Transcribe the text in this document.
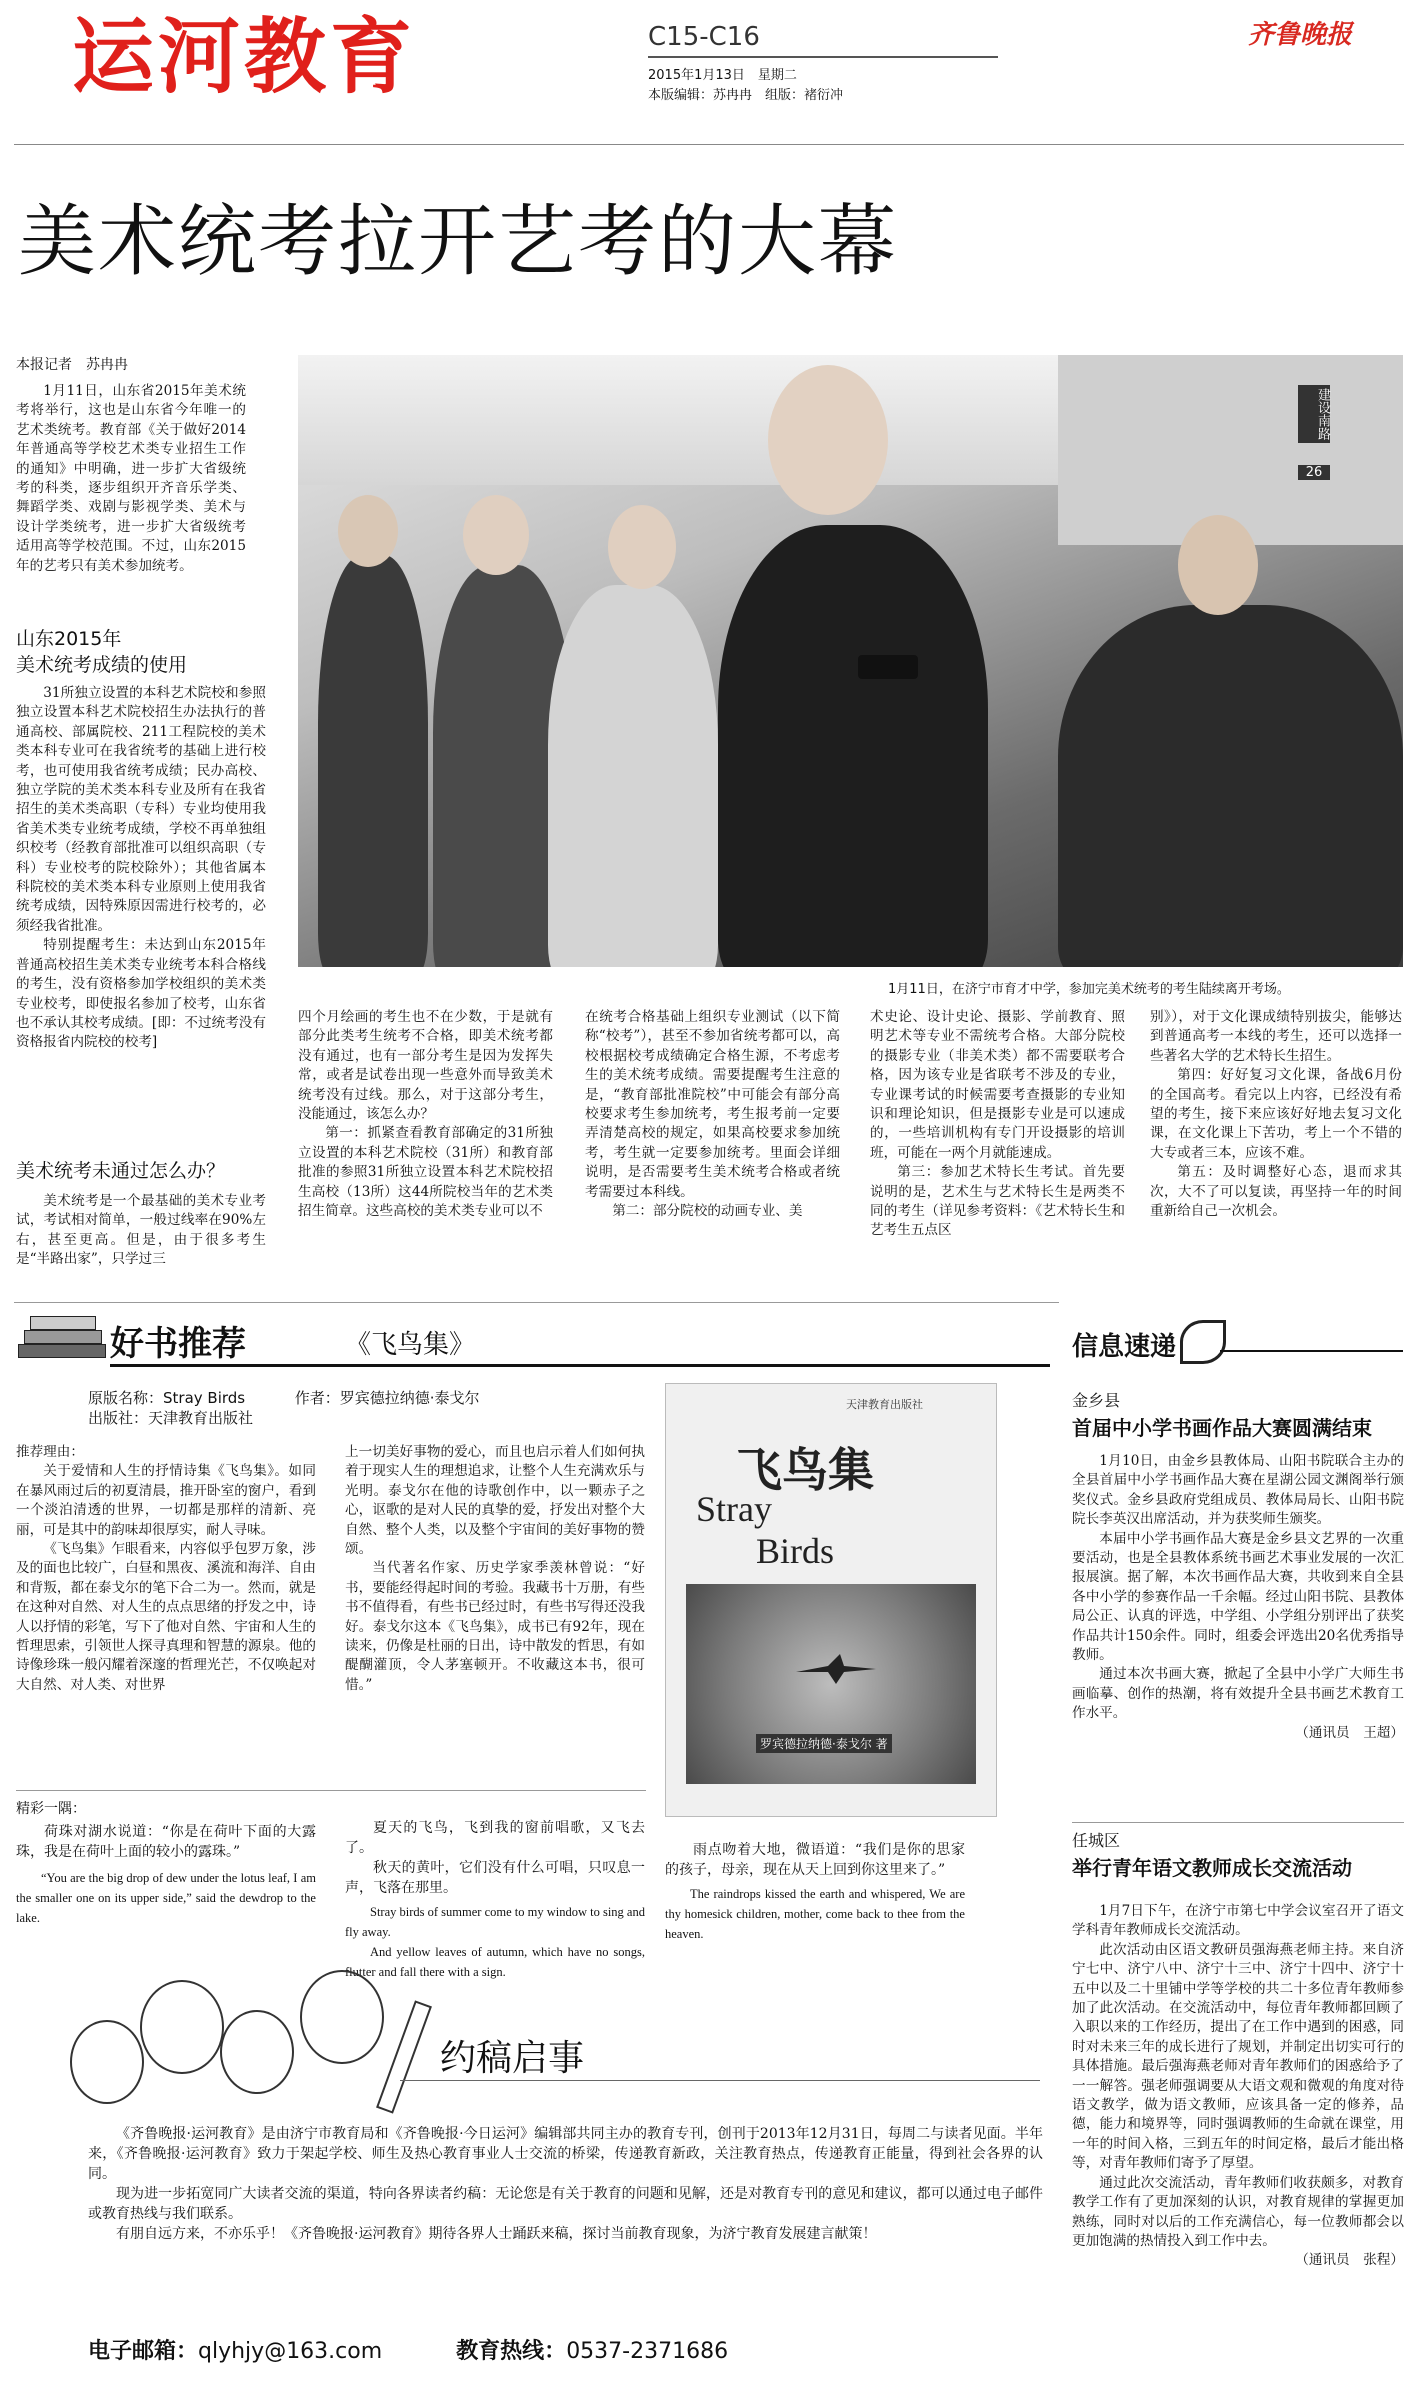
运河教育	C15-C16
2015年1月13日　星期二
本版编辑：苏冉冉　组版：褚衍冲
齐鲁晚报
美术统考拉开艺考的大幕
本报记者　苏冉冉

1月11日，山东省2015年美术统考将举行，这也是山东省今年唯一的艺术类统考。教育部《关于做好2014年普通高等学校艺术类专业招生工作的通知》中明确，进一步扩大省级统考的科类，逐步组织开齐音乐学类、舞蹈学类、戏剧与影视学类、美术与设计学类统考，进一步扩大省级统考适用高等学校范围。不过，山东2015年的艺考只有美术参加统考。

山东2015年
美术统考成绩的使用

31所独立设置的本科艺术院校和参照独立设置本科艺术院校招生办法执行的普通高校、部属院校、211工程院校的美术类本科专业可在我省统考的基础上进行校考，也可使用我省统考成绩；民办高校、独立学院的美术类本科专业及所有在我省招生的美术类高职（专科）专业均使用我省美术类专业统考成绩，学校不再单独组织校考（经教育部批准可以组织高职（专科）专业校考的院校除外）；其他省属本科院校的美术类本科专业原则上使用我省统考成绩，因特殊原因需进行校考的，必须经我省批准。

特别提醒考生：未达到山东2015年普通高校招生美术类专业统考本科合格线的考生，没有资格参加学校组织的美术类专业校考，即使报名参加了校考，山东省也不承认其校考成绩。[即：不过统考没有资格报省内院校的校考]

美术统考未通过怎么办？

美术统考是一个最基础的美术专业考试，考试相对简单，一般过线率在90%左右，甚至更高。但是，由于很多考生是“半路出家”，只学过三

建设南路
26
1月11日，在济宁市育才中学，参加完美术统考的考生陆续离开考场。

四个月绘画的考生也不在少数，于是就有部分此类考生统考不合格，即美术统考都没有通过，也有一部分考生是因为发挥失常，或者是试卷出现一些意外而导致美术统考没有过线。那么，对于这部分考生，没能通过，该怎么办？

第一：抓紧查看教育部确定的31所独立设置的本科艺术院校（31所）和教育部批准的参照31所独立设置本科艺术院校招生高校（13所）这44所院校当年的艺术类招生简章。这些高校的美术类专业可以不

在统考合格基础上组织专业测试（以下简称“校考”），甚至不参加省统考都可以，高校根据校考成绩确定合格生源，不考虑考生的美术统考成绩。需要提醒考生注意的是，“教育部批准院校”中可能会有部分高校要求考生参加统考，考生报考前一定要弄清楚高校的规定，如果高校要求参加统考，考生就一定要参加统考。里面会详细说明，是否需要考生美术统考合格或者统考需要过本科线。

第二：部分院校的动画专业、美

术史论、设计史论、摄影、学前教育、照明艺术等专业不需统考合格。大部分院校的摄影专业（非美术类）都不需要联考合格，因为该专业是省联考不涉及的专业，专业课考试的时候需要考查摄影的专业知识和理论知识，但是摄影专业是可以速成的，一些培训机构有专门开设摄影的培训班，可能在一两个月就能速成。

第三：参加艺术特长生考试。首先要说明的是，艺术生与艺术特长生是两类不同的考生（详见参考资料：《艺术特长生和艺考生五点区

别》），对于文化课成绩特别拔尖，能够达到普通高考一本线的考生，还可以选择一些著名大学的艺术特长生招生。

第四：好好复习文化课，备战6月份的全国高考。看完以上内容，已经没有希望的考生，接下来应该好好地去复习文化课，在文化课上下苦功，考上一个不错的大专或者三本，应该不难。

第五：及时调整好心态，退而求其次，大不了可以复读，再坚持一年的时间重新给自己一次机会。

好书推荐	《飞鸟集》
原版名称：Stray Birds	作者：罗宾德拉纳德·泰戈尔
出版社：天津教育出版社

推荐理由：

关于爱情和人生的抒情诗集《飞鸟集》。如同在暴风雨过后的初夏清晨，推开卧室的窗户，看到一个淡泊清透的世界，一切都是那样的清新、亮丽，可是其中的韵味却很厚实，耐人寻味。

《飞鸟集》乍眼看来，内容似乎包罗万象，涉及的面也比较广，白昼和黑夜、溪流和海洋、自由和背叛，都在泰戈尔的笔下合二为一。然而，就是在这种对自然、对人生的点点思绪的抒发之中，诗人以抒情的彩笔，写下了他对自然、宇宙和人生的哲理思索，引领世人探寻真理和智慧的源泉。他的诗像珍珠一般闪耀着深邃的哲理光芒，不仅唤起对大自然、对人类、对世界

上一切美好事物的爱心，而且也启示着人们如何执着于现实人生的理想追求，让整个人生充满欢乐与光明。泰戈尔在他的诗歌创作中，以一颗赤子之心，讴歌的是对人民的真挚的爱，抒发出对整个大自然、整个人类，以及整个宇宙间的美好事物的赞颂。

当代著名作家、历史学家季羡林曾说：“好书，要能经得起时间的考验。我藏书十万册，有些书不值得看，有些书已经过时，有些书写得还没我好。泰戈尔这本《飞鸟集》，成书已有92年，现在读来，仍像是杜丽的日出，诗中散发的哲思，有如醍醐灌顶，令人茅塞顿开。不收藏这本书，很可惜。”

精彩一隅：
荷珠对湖水说道：“你是在荷叶下面的大露珠，我是在荷叶上面的较小的露珠。”
“You are the big drop of dew under the lotus leaf, I am the smaller one on its upper side,” said the dewdrop to the lake.
夏天的飞鸟，飞到我的窗前唱歌，又飞去了。
秋天的黄叶，它们没有什么可唱，只叹息一声，飞落在那里。
Stray birds of summer come to my window to sing and fly away.
And yellow leaves of autumn, which have no songs, flutter and fall there with a sign.
雨点吻着大地，微语道：“我们是你的思家的孩子，母亲，现在从天上回到你这里来了。”
The raindrops kissed the earth and whispered, We are thy homesick children, mother, come back to thee from the heaven.
天津教育出版社
飞鸟集
Stray
Birds
罗宾德拉纳德·泰戈尔 著
信息速递
金乡县
首届中小学书画作品大赛圆满结束

1月10日，由金乡县教体局、山阳书院联合主办的全县首届中小学书画作品大赛在星湖公园文渊阁举行颁奖仪式。金乡县政府党组成员、教体局局长、山阳书院院长李英汉出席活动，并为获奖师生颁奖。

本届中小学书画作品大赛是金乡县文艺界的一次重要活动，也是全县教体系统书画艺术事业发展的一次汇报展演。据了解，本次书画作品大赛，共收到来自全县各中小学的参赛作品一千余幅。经过山阳书院、县教体局公正、认真的评选，中学组、小学组分别评出了获奖作品共计150余件。同时，组委会评选出20名优秀指导教师。

通过本次书画大赛，掀起了全县中小学广大师生书画临摹、创作的热潮，将有效提升全县书画艺术教育工作水平。

（通讯员　王超）
任城区
举行青年语文教师成长交流活动

1月7日下午，在济宁市第七中学会议室召开了语文学科青年教师成长交流活动。

此次活动由区语文教研员强海燕老师主持。来自济宁七中、济宁八中、济宁十三中、济宁十四中、济宁十五中以及二十里铺中学等学校的共二十多位青年教师参加了此次活动。在交流活动中，每位青年教师都回顾了入职以来的工作经历，提出了在工作中遇到的困惑，同时对未来三年的成长进行了规划，并制定出切实可行的具体措施。最后强海燕老师对青年教师们的困惑给予了一一解答。强老师强调要从大语文观和微观的角度对待语文教学，做为语文教师，应该具备一定的修养，品德，能力和境界等，同时强调教师的生命就在课堂，用一年的时间入格，三到五年的时间定格，最后才能出格等，对青年教师们寄予了厚望。

通过此次交流活动，青年教师们收获颇多，对教育教学工作有了更加深刻的认识，对教育规律的掌握更加熟练，同时对以后的工作充满信心，每一位教师都会以更加饱满的热情投入到工作中去。

（通讯员　张程）
约稿启事

《齐鲁晚报·运河教育》是由济宁市教育局和《齐鲁晚报·今日运河》编辑部共同主办的教育专刊，创刊于2013年12月31日，每周二与读者见面。半年来，《齐鲁晚报·运河教育》致力于架起学校、师生及热心教育事业人士交流的桥梁，传递教育新政，关注教育热点，传递教育正能量，得到社会各界的认同。

现为进一步拓宽同广大读者交流的渠道，特向各界读者约稿：无论您是有关于教育的问题和见解，还是对教育专刊的意见和建议，都可以通过电子邮件或教育热线与我们联系。

有朋自远方来，不亦乐乎！《齐鲁晚报·运河教育》期待各界人士踊跃来稿，探讨当前教育现象，为济宁教育发展建言献策！

电子邮箱：qlyhjy@163.com	教育热线：0537-2371686
